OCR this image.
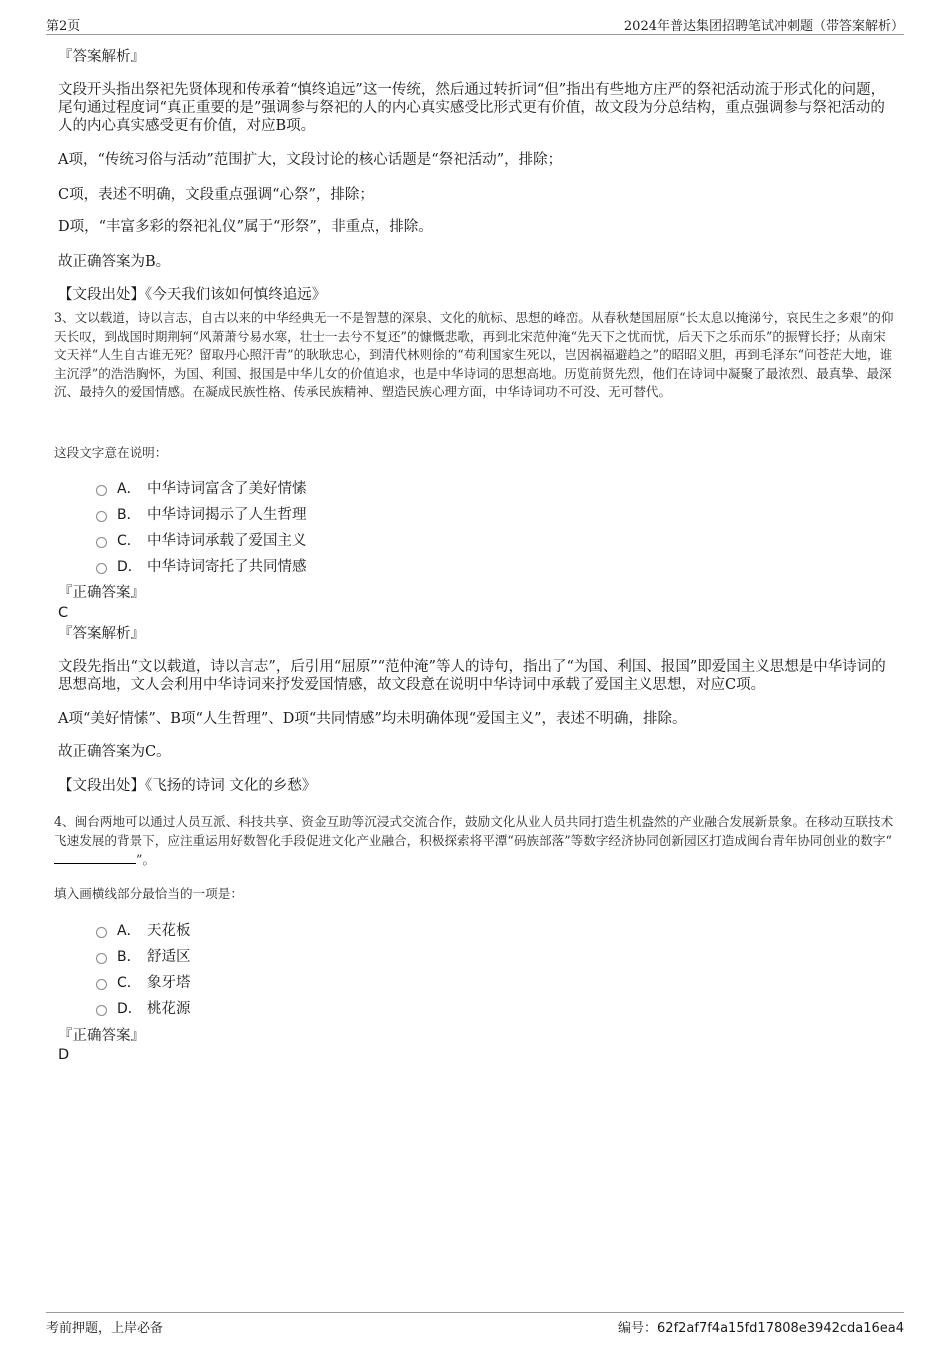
第2页	2024年普达集团招聘笔试冲刺题（带答案解析）
『答案解析』

文段开头指出祭祀先贤体现和传承着“慎终追远”这一传统，然后通过转折词“但”指出有些地方庄严的祭祀活动流于形式化的问题，尾句通过程度词“真正重要的是”强调参与祭祀的人的内心真实感受比形式更有价值，故文段为分总结构，重点强调参与祭祀活动的人的内心真实感受更有价值，对应B项。

A项，“传统习俗与活动”范围扩大，文段讨论的核心话题是“祭祀活动”，排除；
C项，表述不明确，文段重点强调“心祭”，排除；
D项，“丰富多彩的祭祀礼仪”属于“形祭”，非重点，排除。
故正确答案为B。
【文段出处】《今天我们该如何慎终追远》

3、文以载道，诗以言志，自古以来的中华经典无一不是智慧的深泉、文化的航标、思想的峰峦。从春秋楚国屈原“长太息以掩涕兮，哀民生之多艰”的仰天长叹，到战国时期荆轲“风萧萧兮易水寒，壮士一去兮不复还”的慷慨悲歌，再到北宋范仲淹“先天下之忧而忧，后天下之乐而乐”的振臂长抒；从南宋文天祥“人生自古谁无死？留取丹心照汗青”的耿耿忠心，到清代林则徐的“苟利国家生死以，岂因祸福避趋之”的昭昭义胆，再到毛泽东“问苍茫大地，谁主沉浮”的浩浩胸怀，为国、利国、报国是中华儿女的价值追求，也是中华诗词的思想高地。历览前贤先烈，他们在诗词中凝聚了最浓烈、最真挚、最深沉、最持久的爱国情感。在凝成民族性格、传承民族精神、塑造民族心理方面，中华诗词功不可没、无可替代。

这段文字意在说明：
A． 中华诗词富含了美好情愫
B． 中华诗词揭示了人生哲理
C． 中华诗词承载了爱国主义
D． 中华诗词寄托了共同情感
『正确答案』
C
『答案解析』

文段先指出“文以载道，诗以言志”，后引用“屈原”“范仲淹”等人的诗句，指出了“为国、利国、报国”即爱国主义思想是中华诗词的思想高地，文人会利用中华诗词来抒发爱国情感，故文段意在说明中华诗词中承载了爱国主义思想，对应C项。

A项“美好情愫”、B项“人生哲理”、D项“共同情感”均未明确体现“爱国主义”，表述不明确，排除。
故正确答案为C。
【文段出处】《飞扬的诗词 文化的乡愁》

4、闽台两地可以通过人员互派、科技共享、资金互助等沉浸式交流合作，鼓励文化从业人员共同打造生机盎然的产业融合发展新景象。在移动互联技术飞速发展的背景下，应注重运用好数智化手段促进文化产业融合，积极探索将平潭“码族部落”等数字经济协同创新园区打造成闽台青年协同创业的数字“”。

填入画横线部分最恰当的一项是：
A． 天花板
B． 舒适区
C． 象牙塔
D． 桃花源
『正确答案』
D
考前押题，上岸必备	编号：62f2af7f4a15fd17808e3942cda16ea4
